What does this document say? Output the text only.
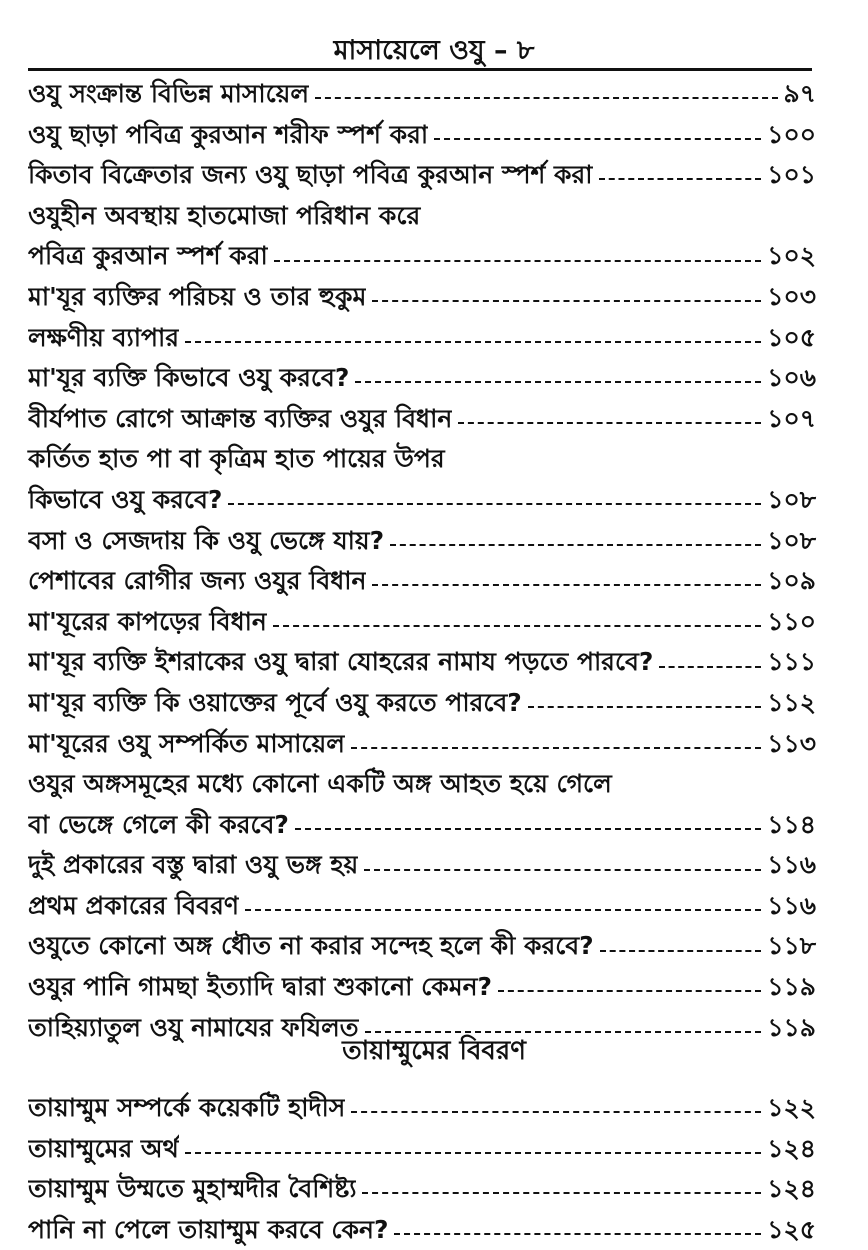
মাসায়েলে ওযু – ৮
ওযু সংক্রান্ত বিভিন্ন মাসায়েল	৯৭
ওযু ছাড়া পবিত্র কুরআন শরীফ স্পর্শ করা	১০০
কিতাব বিক্রেতার জন্য ওযু ছাড়া পবিত্র কুরআন স্পর্শ করা	১০১
ওযুহীন অবস্থায় হাতমোজা পরিধান করে
পবিত্র কুরআন স্পর্শ করা	১০২
মা'যূর ব্যক্তির পরিচয় ও তার হুকুম	১০৩
লক্ষণীয় ব্যাপার	১০৫
মা'যূর ব্যক্তি কিভাবে ওযু করবে?	১০৬
বীর্যপাত রোগে আক্রান্ত ব্যক্তির ওযুর বিধান	১০৭
কর্তিত হাত পা বা কৃত্রিম হাত পায়ের উপর
কিভাবে ওযু করবে?	১০৮
বসা ও সেজদায় কি ওযু ভেঙ্গে যায়?	১০৮
পেশাবের রোগীর জন্য ওযুর বিধান	১০৯
মা'যূরের কাপড়ের বিধান	১১০
মা'যূর ব্যক্তি ইশরাকের ওযু দ্বারা যোহরের নামায পড়তে পারবে?	১১১
মা'যূর ব্যক্তি কি ওয়াক্তের পূর্বে ওযু করতে পারবে?	১১২
মা'যূরের ওযু সম্পর্কিত মাসায়েল	১১৩
ওযুর অঙ্গসমূহের মধ্যে কোনো একটি অঙ্গ আহত হয়ে গেলে
বা ভেঙ্গে গেলে কী করবে?	১১৪
দুই প্রকারের বস্তু দ্বারা ওযু ভঙ্গ হয়	১১৬
প্রথম প্রকারের বিবরণ	১১৬
ওযুতে কোনো অঙ্গ ধৌত না করার সন্দেহ হলে কী করবে?	১১৮
ওযুর পানি গামছা ইত্যাদি দ্বারা শুকানো কেমন?	১১৯
তাহিয়্যাতুল ওযু নামাযের ফযিলত	১১৯
তায়াম্মুমের বিবরণ
তায়াম্মুম সম্পর্কে কয়েকটি হাদীস	১২২
তায়াম্মুমের অর্থ	১২৪
তায়াম্মুম উম্মতে মুহাম্মদীর বৈশিষ্ট্য	১২৪
পানি না পেলে তায়াম্মুম করবে কেন?	১২৫
